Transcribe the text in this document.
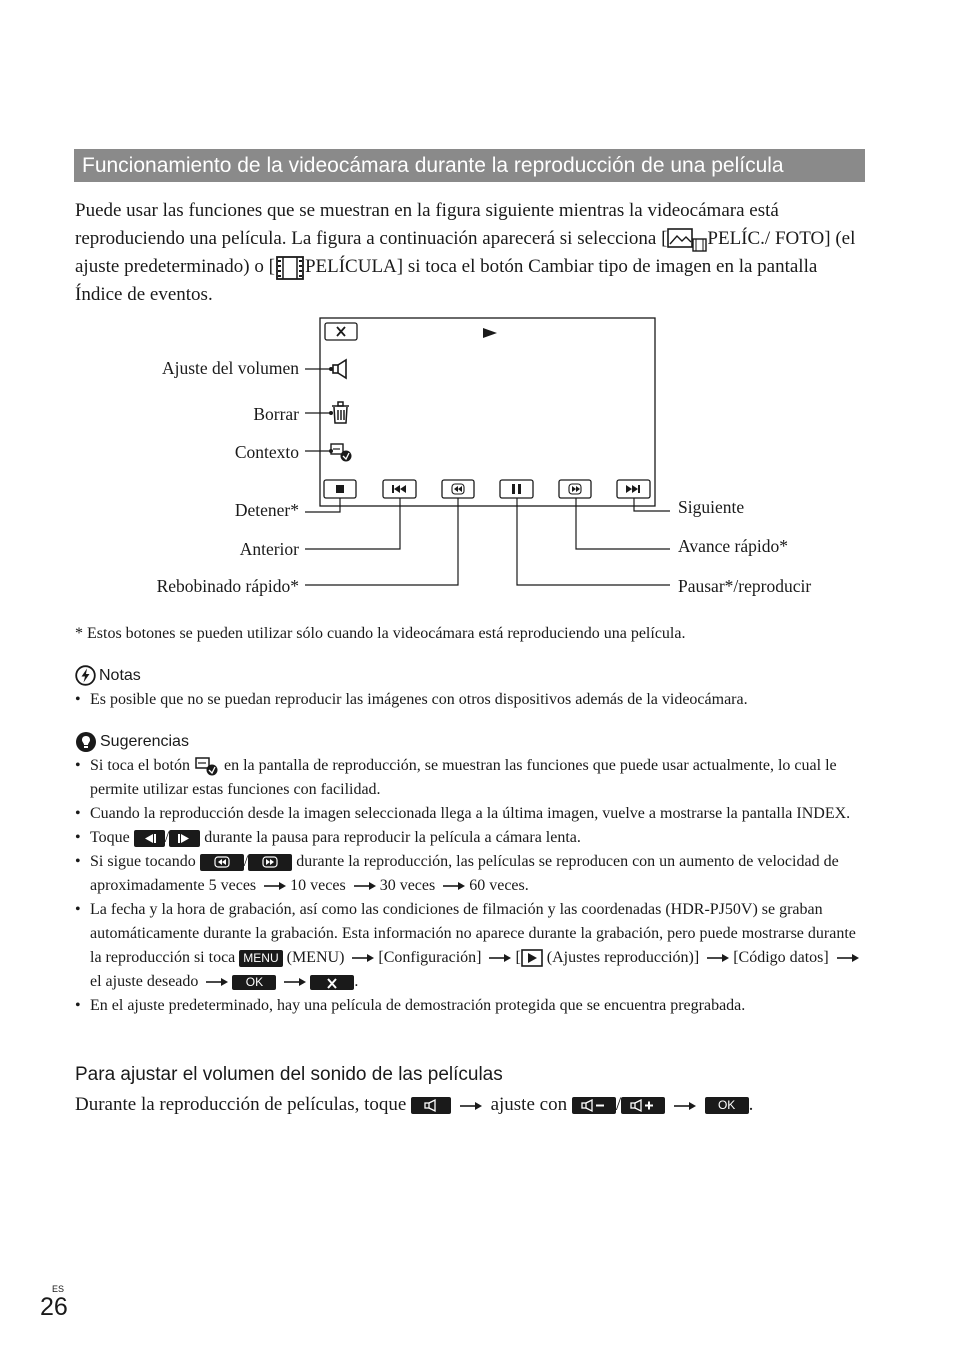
Funcionamiento de la videocámara durante la reproducción de una película
Puede usar las funciones que se muestran en la figura siguiente mientras la videocámara está reproduciendo una película. La figura a continuación aparecerá si selecciona [ PELÍC./ FOTO] (el ajuste predeterminado) o [ PELÍCULA] si toca el botón Cambiar tipo de imagen en la pantalla Índice de eventos.
Ajuste del volumen
Borrar
Contexto
Detener*
Anterior
Rebobinado rápido*
Siguiente
Avance rápido*
Pausar*/reproducir
* Estos botones se pueden utilizar sólo cuando la videocámara está reproduciendo una película.
Notas
• Es posible que no se puedan reproducir las imágenes con otros dispositivos además de la videocámara.
Sugerencias
• Si toca el botón en la pantalla de reproducción, se muestran las funciones que puede usar actualmente, lo cual le permite utilizar estas funciones con facilidad.
• Cuando la reproducción desde la imagen seleccionada llega a la última imagen, vuelve a mostrarse la pantalla INDEX.
• Toque / durante la pausa para reproducir la película a cámara lenta.
• Si sigue tocando	/	durante la reproducción, las películas se reproducen con un aumento de velocidad de aproximadamente 5 veces 10 veces 30 veces 60 veces.
• La fecha y la hora de grabación, así como las condiciones de filmación y las coordenadas (HDR-PJ50V) se graban automáticamente durante la grabación. Esta información no aparece durante la grabación, pero puede mostrarse durante la reproducción si toca MENU (MENU) [Configuración] [ (Ajustes reproducción)] [Código datos] el ajuste deseado	OK	.
• En el ajuste predeterminado, hay una película de demostración protegida que se encuentra pregrabada.
Para ajustar el volumen del sonido de las películas
Durante la reproducción de películas, toque	ajuste con	/	OK .
ES
26
